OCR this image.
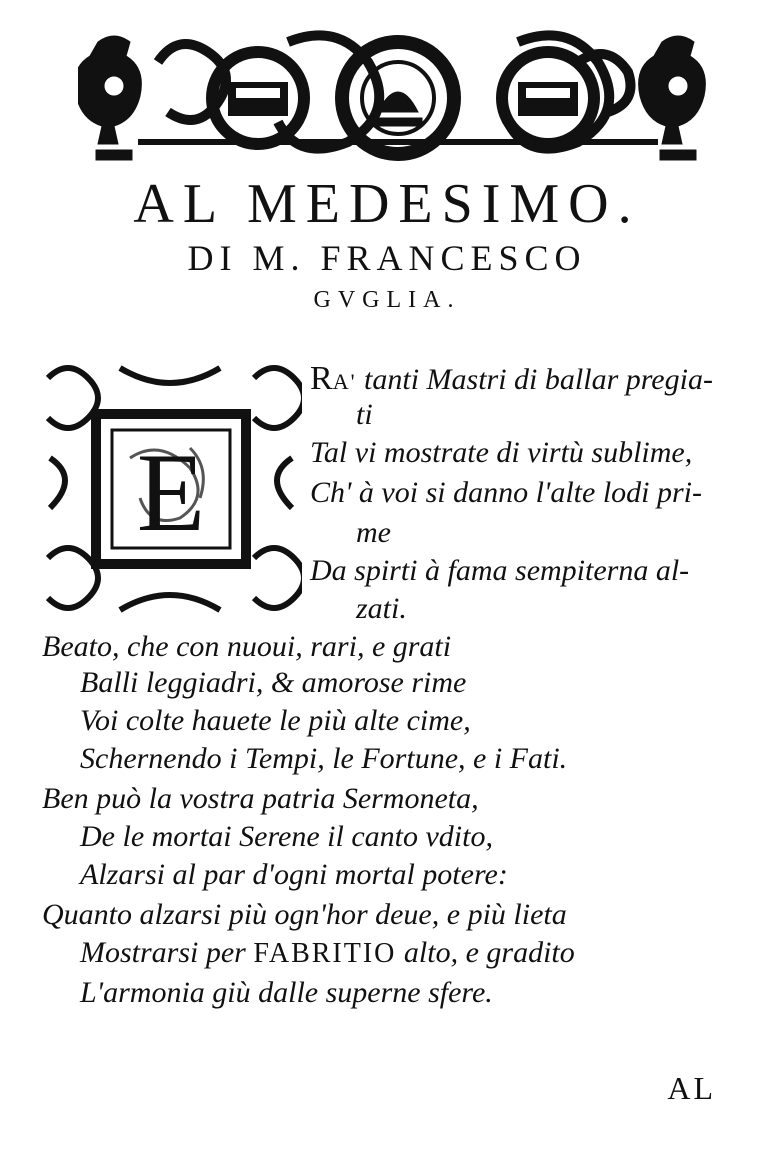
AL MEDESIMO.
DI M. FRANCESCO
GVGLIA.
E
RA' tanti Mastri di ballar pregia-
ti
Tal vi mostrate di virtù sublime,
Ch' à voi si danno l'alte lodi pri-
me
Da spirti à fama sempiterna al-
zati.
Beato, che con nuoui, rari, e grati
Balli leggiadri, & amorose rime
Voi colte hauete le più alte cime,
Schernendo i Tempi, le Fortune, e i Fati.
Ben può la vostra patria Sermoneta,
De le mortai Serene il canto vdito,
Alzarsi al par d'ogni mortal potere:
Quanto alzarsi più ogn'hor deue, e più lieta
Mostrarsi per FABRITIO alto, e gradito
L'armonia giù dalle superne sfere.
AL
